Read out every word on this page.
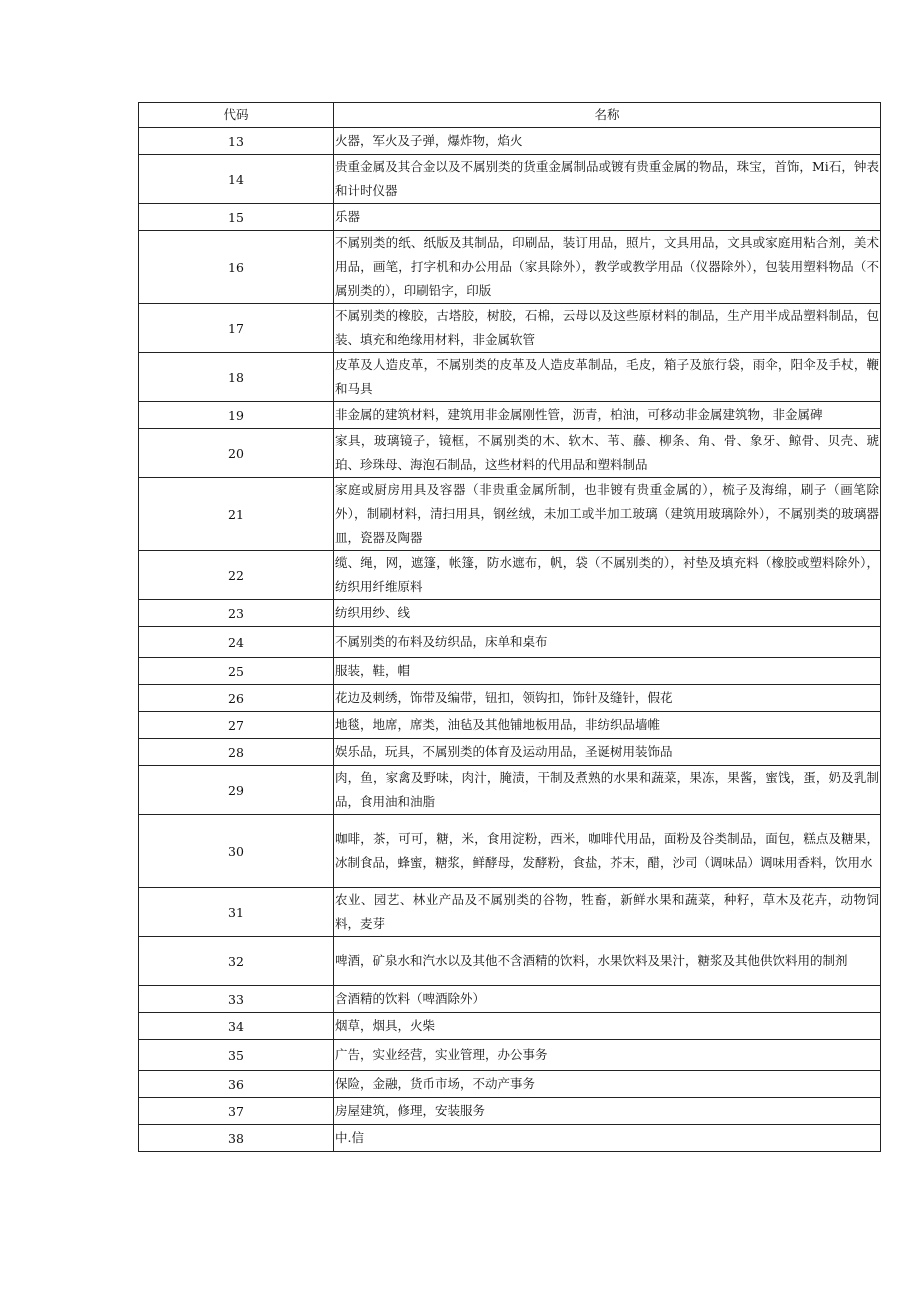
代码	名称
13	火器，军火及子弹，爆炸物，焰火
14	贵重金属及其合金以及不属别类的货重金属制品或镀有贵重金属的物品，珠宝，首饰，Mi石，钟表和计时仪器
15	乐器
16	不属别类的纸、纸版及其制品，印刷品，装订用品，照片，文具用品，文具或家庭用粘合剂，美术用品，画笔，打字机和办公用品（家具除外），教学或教学用品（仪器除外），包装用塑料物品（不属别类的），印刷铅字，印版
17	不属别类的橡胶，古塔胶，树胶，石棉，云母以及这些原材料的制品，生产用半成品塑料制品，包装、填充和绝缘用材料，非金属软管
18	皮革及人造皮革，不属别类的皮革及人造皮革制品，毛皮，箱子及旅行袋，雨伞，阳伞及手杖，鞭和马具
19	非金属的建筑材料，建筑用非金属刚性管，沥青，柏油，可移动非金属建筑物，非金属碑
20	家具，玻璃镜子，镜框，不属别类的木、软木、苇、藤、柳条、角、骨、象牙、鲸骨、贝壳、琥珀、珍珠母、海泡石制品，这些材料的代用品和塑料制品
21	家庭或厨房用具及容器（非贵重金属所制，也非镀有贵重金属的），梳子及海绵，刷子（画笔除外），制刷材料，清扫用具，钢丝绒，未加工或半加工玻璃（建筑用玻璃除外），不属别类的玻璃器皿，瓷器及陶器
22	缆、绳，网，遮篷，帐篷，防水遮布，帆，袋（不属别类的），衬垫及填充料（橡胶或塑料除外），纺织用纤维原料
23	纺织用纱、线
24	不属别类的布料及纺织品，床单和桌布
25	服装，鞋，帽
26	花边及刺绣，饰带及编带，钮扣，领钩扣，饰针及缝针，假花
27	地毯，地席，席类，油毡及其他铺地板用品，非纺织品墙帷
28	娱乐品，玩具，不属别类的体育及运动用品，圣诞树用装饰品
29	肉，鱼，家禽及野味，肉汁，腌渍，干制及煮熟的水果和蔬菜，果冻，果酱，蜜饯，蛋，奶及乳制品，食用油和油脂
30	咖啡，茶，可可，糖，米，食用淀粉，西米，咖啡代用品，面粉及谷类制品，面包，糕点及糖果，冰制食品，蜂蜜，糖浆，鲜酵母，发酵粉，食盐，芥末，醋，沙司（调味品）调味用香料，饮用水
31	农业、园艺、林业产品及不属别类的谷物，牲畜，新鲜水果和蔬菜，种籽，草木及花卉，动物饲料，麦芽
32	啤酒，矿泉水和汽水以及其他不含酒精的饮料，水果饮料及果汁，糖浆及其他供饮料用的制剂
33	含酒精的饮料（啤酒除外）
34	烟草，烟具，火柴
35	广告，实业经营，实业管理，办公事务
36	保险，金融，货币市场，不动产事务
37	房屋建筑，修理，安装服务
38	中.信
